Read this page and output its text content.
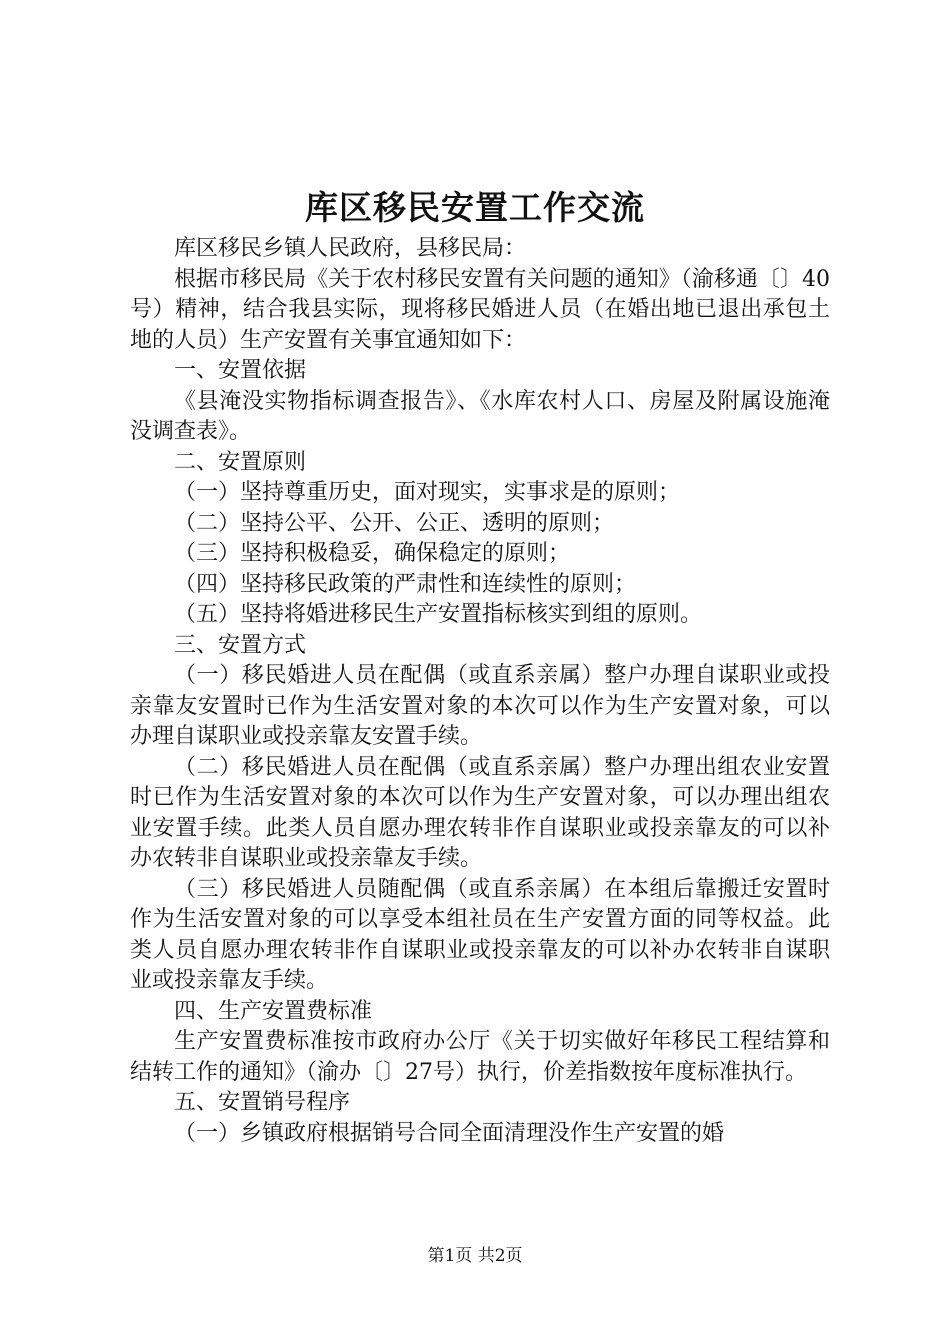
库区移民安置工作交流

库区移民乡镇人民政府，县移民局：

根据市移民局《关于农村移民安置有关问题的通知》（渝移通〔〕40号）精神，结合我县实际，现将移民婚进人员（在婚出地已退出承包土地的人员）生产安置有关事宜通知如下：

一、安置依据

《县淹没实物指标调查报告》、《水库农村人口、房屋及附属设施淹没调查表》。

二、安置原则

（一）坚持尊重历史，面对现实，实事求是的原则；

（二）坚持公平、公开、公正、透明的原则；

（三）坚持积极稳妥，确保稳定的原则；

（四）坚持移民政策的严肃性和连续性的原则；

（五）坚持将婚进移民生产安置指标核实到组的原则。

三、安置方式

（一）移民婚进人员在配偶（或直系亲属）整户办理自谋职业或投亲靠友安置时已作为生活安置对象的本次可以作为生产安置对象，可以办理自谋职业或投亲靠友安置手续。

（二）移民婚进人员在配偶（或直系亲属）整户办理出组农业安置时已作为生活安置对象的本次可以作为生产安置对象，可以办理出组农业安置手续。此类人员自愿办理农转非作自谋职业或投亲靠友的可以补办农转非自谋职业或投亲靠友手续。

（三）移民婚进人员随配偶（或直系亲属）在本组后靠搬迁安置时作为生活安置对象的可以享受本组社员在生产安置方面的同等权益。此类人员自愿办理农转非作自谋职业或投亲靠友的可以补办农转非自谋职业或投亲靠友手续。

四、生产安置费标准

生产安置费标准按市政府办公厅《关于切实做好年移民工程结算和结转工作的通知》（渝办〔〕27号）执行，价差指数按年度标准执行。

五、安置销号程序

（一）乡镇政府根据销号合同全面清理没作生产安置的婚

第1页 共2页
